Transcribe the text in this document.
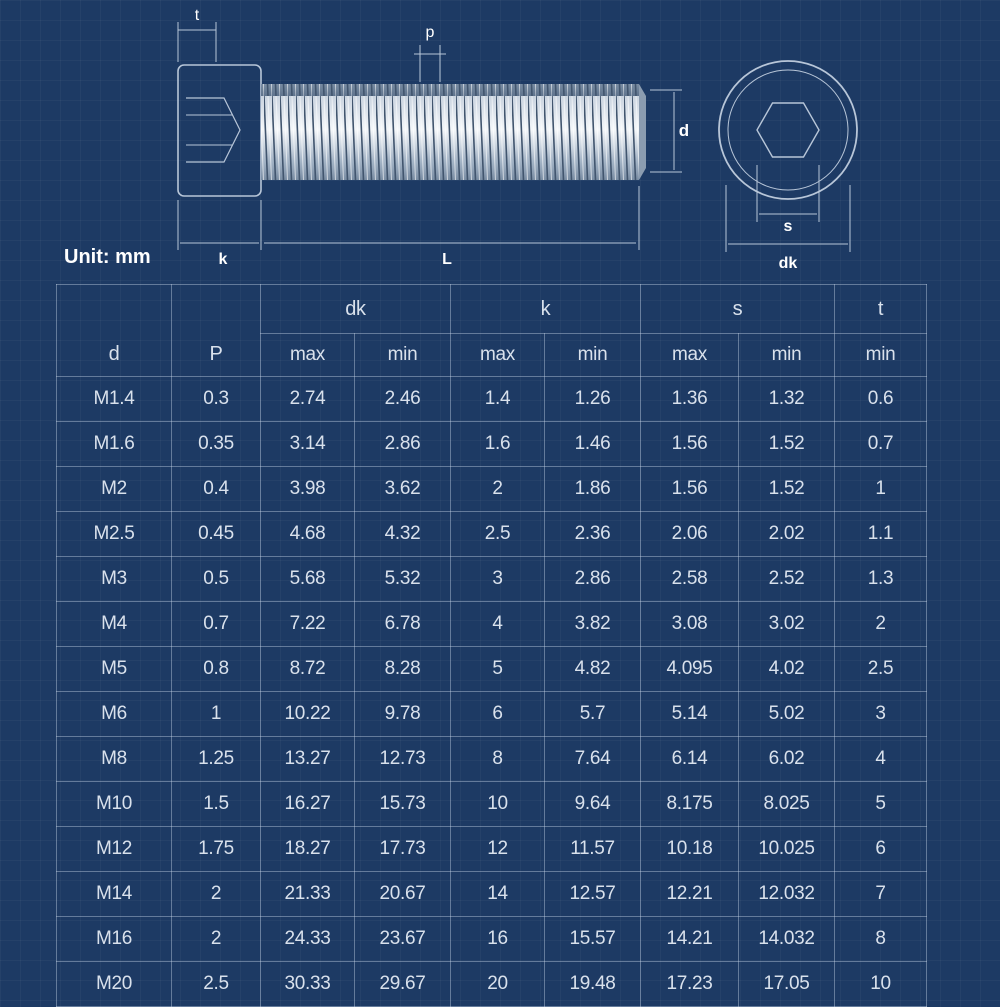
t
p
d
k	L
s
dk
Unit: mm
d	P	dk		k		s		t
		max	min	max	min	max	min	min
M1.4	0.3	2.74	2.46	1.4	1.26	1.36	1.32	0.6
M1.6	0.35	3.14	2.86	1.6	1.46	1.56	1.52	0.7
M2	0.4	3.98	3.62	2	1.86	1.56	1.52	1
M2.5	0.45	4.68	4.32	2.5	2.36	2.06	2.02	1.1
M3	0.5	5.68	5.32	3	2.86	2.58	2.52	1.3
M4	0.7	7.22	6.78	4	3.82	3.08	3.02	2
M5	0.8	8.72	8.28	5	4.82	4.095	4.02	2.5
M6	1	10.22	9.78	6	5.7	5.14	5.02	3
M8	1.25	13.27	12.73	8	7.64	6.14	6.02	4
M10	1.5	16.27	15.73	10	9.64	8.175	8.025	5
M12	1.75	18.27	17.73	12	11.57	10.18	10.025	6
M14	2	21.33	20.67	14	12.57	12.21	12.032	7
M16	2	24.33	23.67	16	15.57	14.21	14.032	8
M20	2.5	30.33	29.67	20	19.48	17.23	17.05	10
